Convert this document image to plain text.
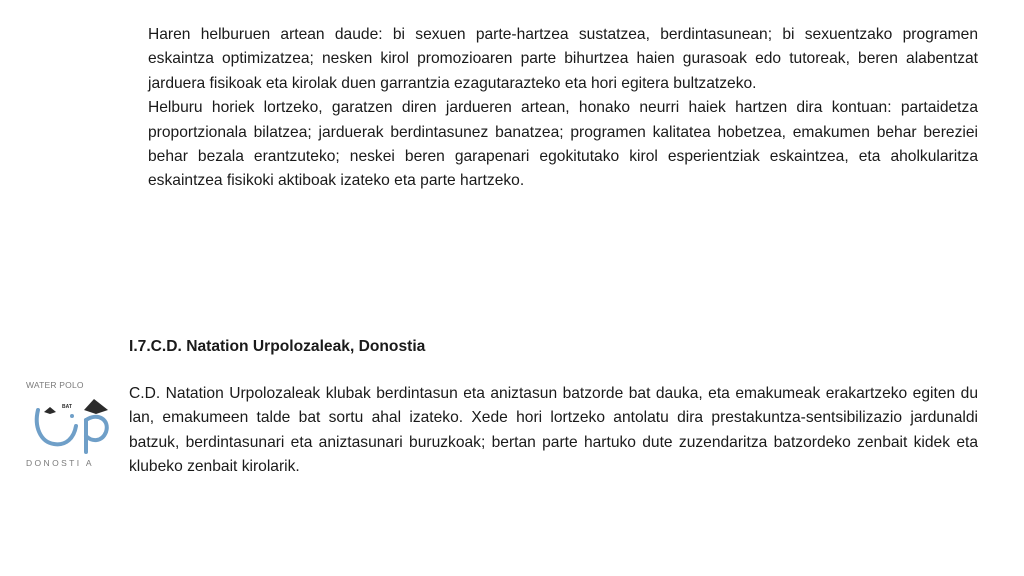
Haren helburuen artean daude: bi sexuen parte-hartzea sustatzea, berdintasunean; bi sexuentzako programen eskaintza optimizatzea; nesken kirol promozioaren parte bihurtzea haien gurasoak edo tutoreak, beren alabentzat jarduera fisikoak eta kirolak duen garrantzia ezagutarazteko eta hori egitera bultzatzeko.

Helburu horiek lortzeko, garatzen diren jardueren artean, honako neurri haiek hartzen dira kontuan: partaidetza proportzionala bilatzea; jarduerak berdintasunez banatzea; programen kalitatea hobetzea, emakumen behar bereziei behar bezala erantzuteko; neskei beren garapenari egokitutako kirol esperientziak eskaintzea, eta aholkularitza eskaintzea fisikoki aktiboak izateko eta parte hartzeko.

I.7.C.D. Natation Urpolozaleak, Donostia

C.D. Natation Urpolozaleak klubak berdintasun eta aniztasun batzorde bat dauka, eta emakumeak erakartzeko egiten du lan, emakumeen talde bat sortu ahal izateko. Xede hori lortzeko antolatu dira prestakuntza-sentsibilizazio jardunaldi batzuk, berdintasunari eta aniztasunari buruzkoak; bertan parte hartuko dute zuzendaritza batzordeko zenbait kidek eta klubeko zenbait kirolarik.

WATER POLO
BAT
DONOSTI A
